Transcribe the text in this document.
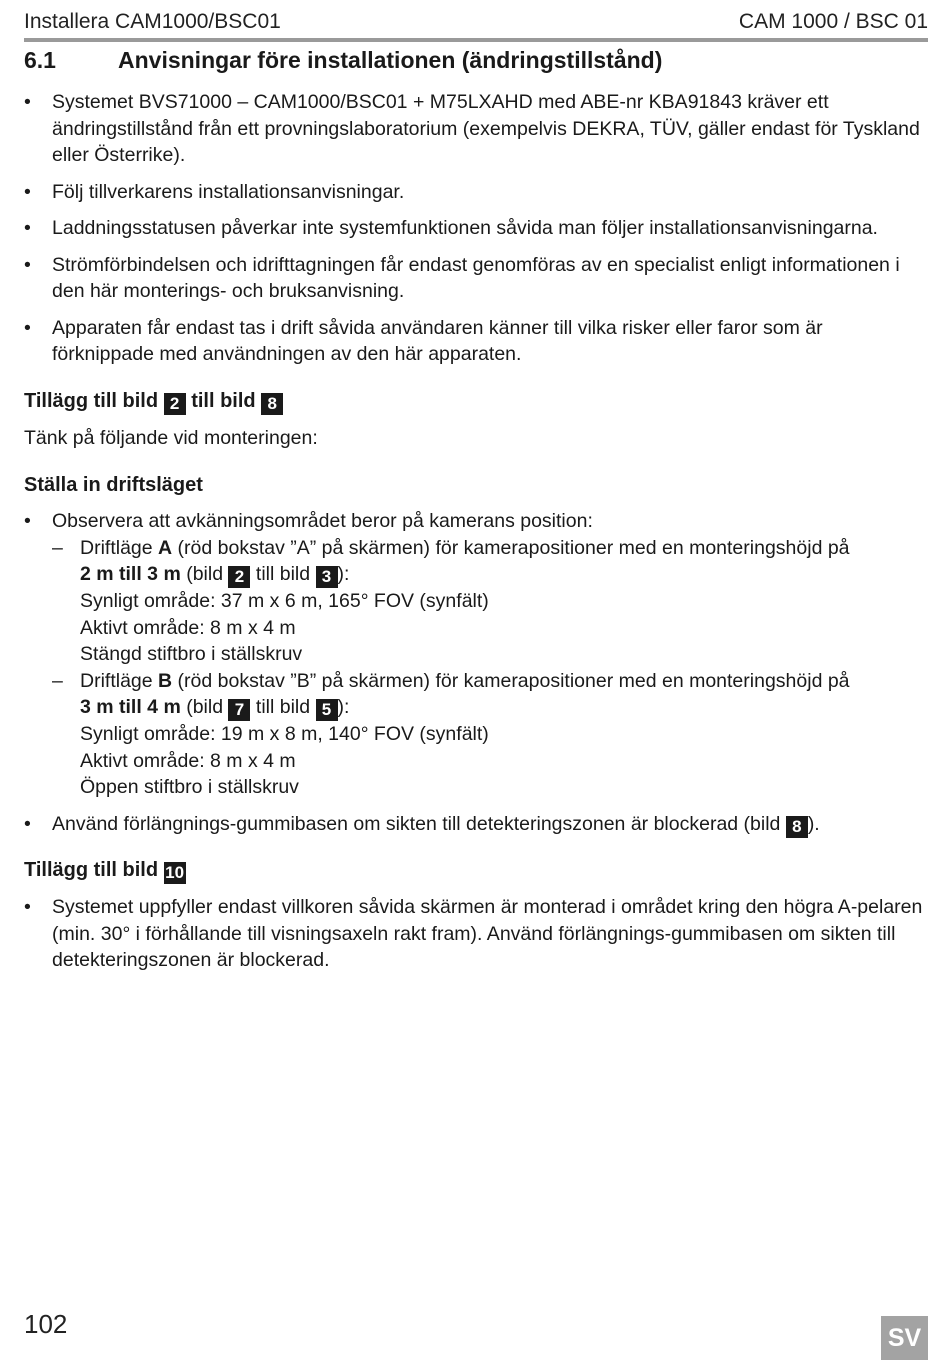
Installera CAM1000/BSC01	CAM 1000 / BSC 01
6.1	Anvisningar före installationen (ändringstillstånd)
• Systemet BVS71000 – CAM1000/BSC01 + M75LXAHD med ABE-nr KBA91843 kräver ett ändringstillstånd från ett provningslaboratorium (exempelvis DEKRA, TÜV, gäller endast för Tyskland eller Österrike).
• Följ tillverkarens installationsanvisningar.
• Laddningsstatusen påverkar inte systemfunktionen såvida man följer installationsanvisningarna.
• Strömförbindelsen och idrifttagningen får endast genomföras av en specialist enligt informationen i den här monterings- och bruksanvisning.
• Apparaten får endast tas i drift såvida användaren känner till vilka risker eller faror som är förknippade med användningen av den här apparaten.
Tillägg till bild 2 till bild 8
Tänk på följande vid monteringen:
Ställa in driftsläget
• Observera att avkänningsområdet beror på kamerans position:
– Driftläge A (röd bokstav ”A” på skärmen) för kamerapositioner med en monteringshöjd på
2 m till 3 m (bild 2 till bild 3 ):
Synligt område: 37 m x 6 m, 165° FOV (synfält)
Aktivt område: 8 m x 4 m
Stängd stiftbro i ställskruv
– Driftläge B (röd bokstav ”B” på skärmen) för kamerapositioner med en monteringshöjd på
3 m till 4 m (bild 7 till bild 5 ):
Synligt område: 19 m x 8 m, 140° FOV (synfält)
Aktivt område: 8 m x 4 m
Öppen stiftbro i ställskruv
• Använd förlängnings-gummibasen om sikten till detekteringszonen är blockerad (bild 8 ).
Tillägg till bild 10
• Systemet uppfyller endast villkoren såvida skärmen är monterad i området kring den högra A-pelaren (min. 30° i förhållande till visningsaxeln rakt fram). Använd förlängnings-gummibasen om sikten till detekteringszonen är blockerad.
102	SV
